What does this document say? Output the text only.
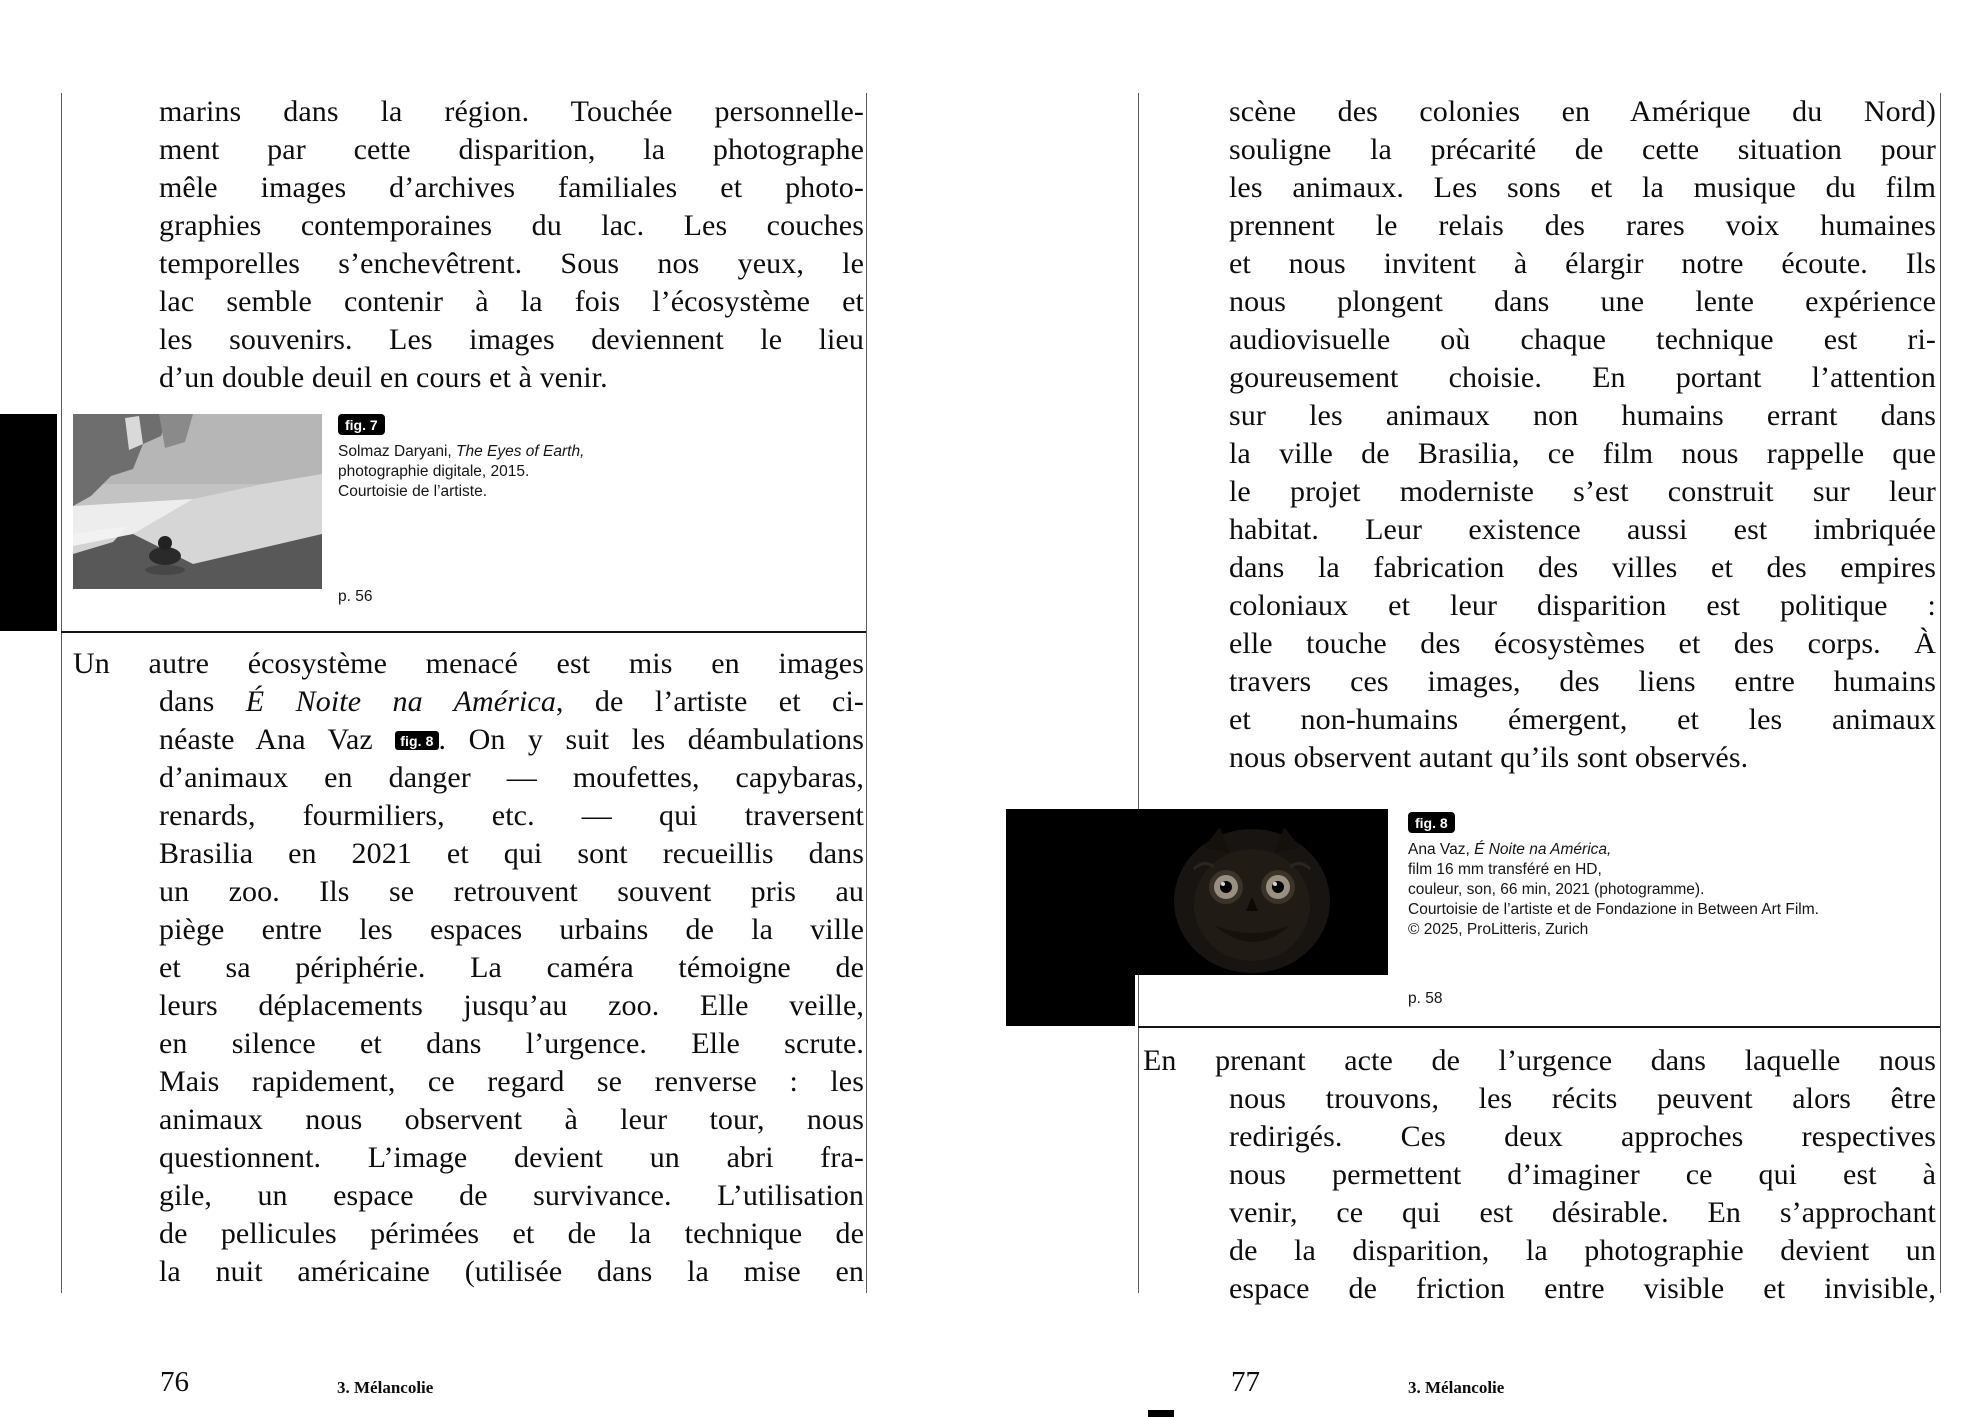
marins dans la région. Touchée personnelle-
ment par cette disparition, la photographe
mêle images d’archives familiales et photo-
graphies contemporaines du lac. Les couches
temporelles s’enchevêtrent. Sous nos yeux, le
lac semble contenir à la fois l’écosystème et
les souvenirs. Les images deviennent le lieu
d’un double deuil en cours et à venir.
fig. 7
Solmaz Daryani, The Eyes of Earth,
photographie digitale, 2015.
Courtoisie de l’artiste.
p. 56
Un autre écosystème menacé est mis en images
dans É Noite na América, de l’artiste et ci-
néaste Ana Vaz fig. 8 . On y suit les déambulations
d’animaux en danger — moufettes, capybaras,
renards, fourmiliers, etc. — qui traversent
Brasilia en 2021 et qui sont recueillis dans
un zoo. Ils se retrouvent souvent pris au
piège entre les espaces urbains de la ville
et sa périphérie. La caméra témoigne de
leurs déplacements jusqu’au zoo. Elle veille,
en silence et dans l’urgence. Elle scrute.
Mais rapidement, ce regard se renverse : les
animaux nous observent à leur tour, nous
questionnent. L’image devient un abri fra-
gile, un espace de survivance. L’utilisation
de pellicules périmées et de la technique de
la nuit américaine (utilisée dans la mise en
76	3. Mélancolie
scène des colonies en Amérique du Nord)
souligne la précarité de cette situation pour
les animaux. Les sons et la musique du film
prennent le relais des rares voix humaines
et nous invitent à élargir notre écoute. Ils
nous plongent dans une lente expérience
audiovisuelle où chaque technique est ri-
goureusement choisie. En portant l’attention
sur les animaux non humains errant dans
la ville de Brasilia, ce film nous rappelle que
le projet moderniste s’est construit sur leur
habitat. Leur existence aussi est imbriquée
dans la fabrication des villes et des empires
coloniaux et leur disparition est politique :
elle touche des écosystèmes et des corps. À
travers ces images, des liens entre humains
et non-humains émergent, et les animaux
nous observent autant qu’ils sont observés.
fig. 8
Ana Vaz, É Noite na América,
film 16 mm transféré en HD,
couleur, son, 66 min, 2021 (photogramme).
Courtoisie de l’artiste et de Fondazione in Between Art Film.
© 2025, ProLitteris, Zurich
p. 58
En prenant acte de l’urgence dans laquelle nous
nous trouvons, les récits peuvent alors être
redirigés. Ces deux approches respectives
nous permettent d’imaginer ce qui est à
venir, ce qui est désirable. En s’approchant
de la disparition, la photographie devient un
espace de friction entre visible et invisible,
77	3. Mélancolie
